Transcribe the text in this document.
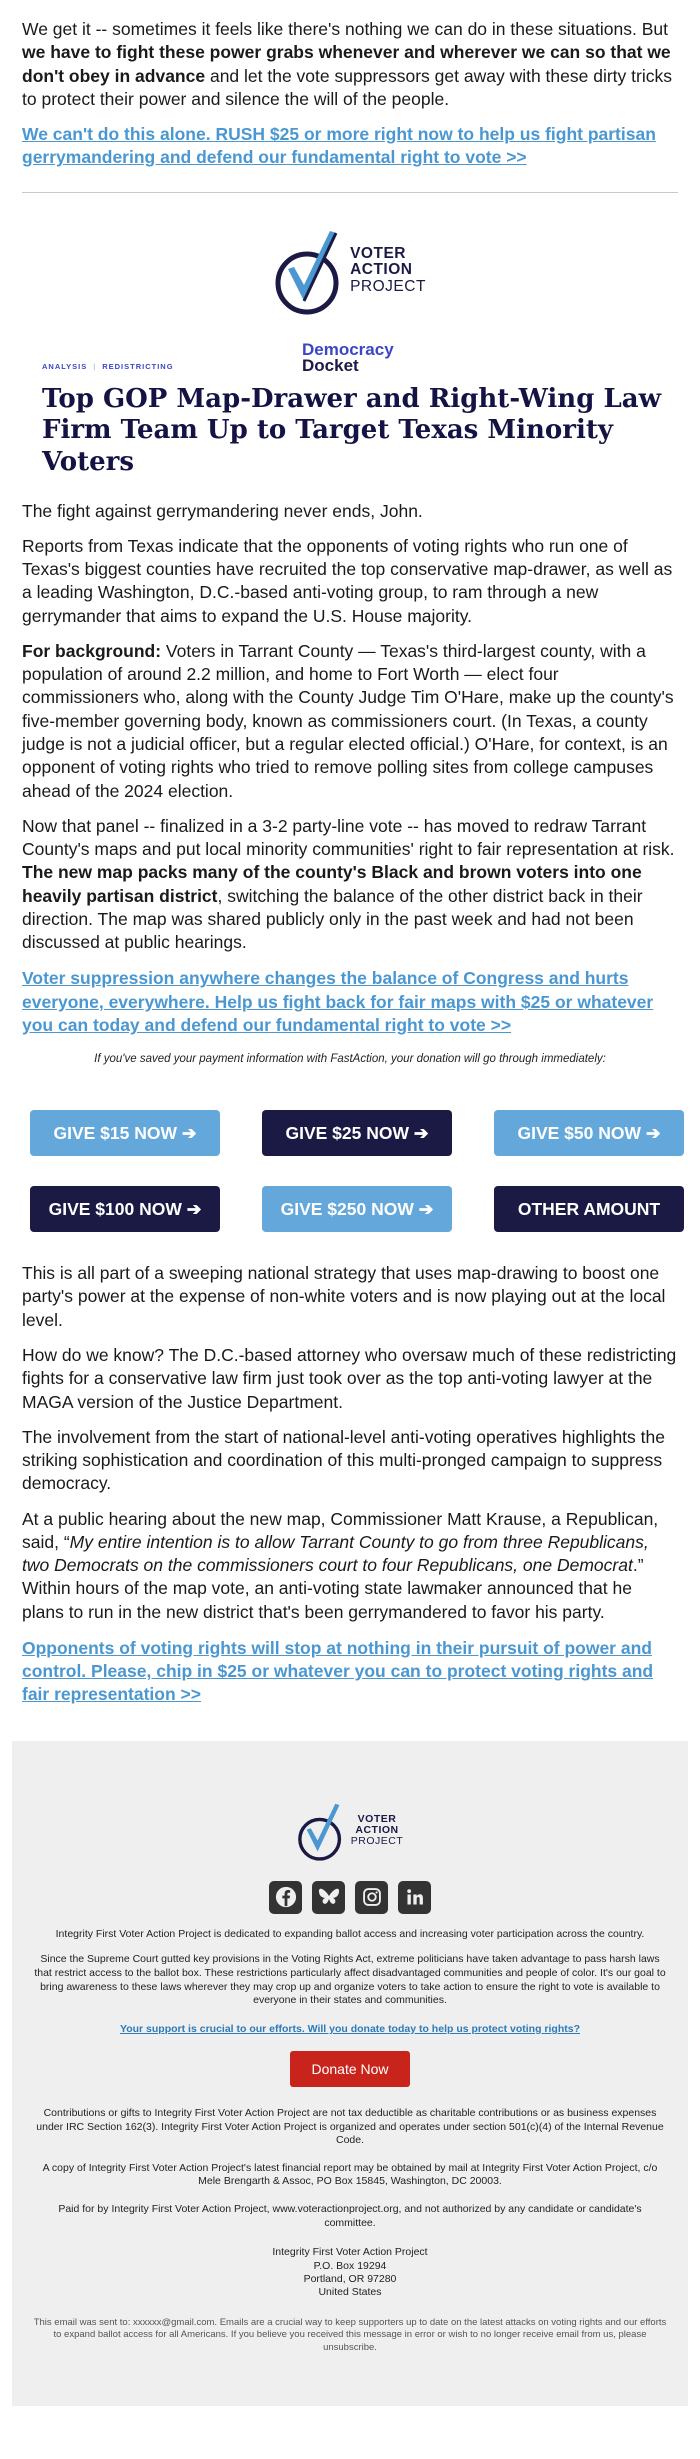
We get it -- sometimes it feels like there's nothing we can do in these situations. But we have to fight these power grabs whenever and wherever we can so that we don't obey in advance and let the vote suppressors get away with these dirty tricks to protect their power and silence the will of the people.

We can't do this alone. RUSH $25 or more right now to help us fight partisan gerrymandering and defend our fundamental right to vote >>
VOTER
ACTION
PROJECT
ANALYSIS | REDISTRICTING
Democracy
Docket
Top GOP Map-Drawer and Right-Wing Law Firm Team Up to Target Texas Minority Voters

The fight against gerrymandering never ends, John.

Reports from Texas indicate that the opponents of voting rights who run one of Texas's biggest counties have recruited the top conservative map-drawer, as well as a leading Washington, D.C.-based anti-voting group, to ram through a new gerrymander that aims to expand the U.S. House majority.

For background: Voters in Tarrant County — Texas's third-largest county, with a population of around 2.2 million, and home to Fort Worth — elect four commissioners who, along with the County Judge Tim O'Hare, make up the county's five-member governing body, known as commissioners court. (In Texas, a county judge is not a judicial officer, but a regular elected official.) O'Hare, for context, is an opponent of voting rights who tried to remove polling sites from college campuses ahead of the 2024 election.

Now that panel -- finalized in a 3-2 party-line vote -- has moved to redraw Tarrant County's maps and put local minority communities' right to fair representation at risk. The new map packs many of the county's Black and brown voters into one heavily partisan district, switching the balance of the other district back in their direction. The map was shared publicly only in the past week and had not been discussed at public hearings.

Voter suppression anywhere changes the balance of Congress and hurts everyone, everywhere. Help us fight back for fair maps with $25 or whatever you can today and defend our fundamental right to vote >>
If you've saved your payment information with FastAction, your donation will go through immediately:
GIVE $15 NOW ➔	GIVE $25 NOW ➔	GIVE $50 NOW ➔
GIVE $100 NOW ➔	GIVE $250 NOW ➔	OTHER AMOUNT

This is all part of a sweeping national strategy that uses map-drawing to boost one party's power at the expense of non-white voters and is now playing out at the local level.

How do we know? The D.C.-based attorney who oversaw much of these redistricting fights for a conservative law firm just took over as the top anti-voting lawyer at the MAGA version of the Justice Department.

The involvement from the start of national-level anti-voting operatives highlights the striking sophistication and coordination of this multi-pronged campaign to suppress democracy.

At a public hearing about the new map, Commissioner Matt Krause, a Republican, said, “My entire intention is to allow Tarrant County to go from three Republicans, two Democrats on the commissioners court to four Republicans, one Democrat.” Within hours of the map vote, an anti-voting state lawmaker announced that he plans to run in the new district that's been gerrymandered to favor his party.

Opponents of voting rights will stop at nothing in their pursuit of power and control. Please, chip in $25 or whatever you can to protect voting rights and fair representation >>
VOTER
ACTION
PROJECT
Integrity First Voter Action Project is dedicated to expanding ballot access and increasing voter participation across the country.
Since the Supreme Court gutted key provisions in the Voting Rights Act, extreme politicians have taken advantage to pass harsh laws that restrict access to the ballot box. These restrictions particularly affect disadvantaged communities and people of color. It's our goal to bring awareness to these laws wherever they may crop up and organize voters to take action to ensure the right to vote is available to everyone in their states and communities.
Your support is crucial to our efforts. Will you donate today to help us protect voting rights?
Donate Now
Contributions or gifts to Integrity First Voter Action Project are not tax deductible as charitable contributions or as business expenses under IRC Section 162(3). Integrity First Voter Action Project is organized and operates under section 501(c)(4) of the Internal Revenue Code.
A copy of Integrity First Voter Action Project's latest financial report may be obtained by mail at Integrity First Voter Action Project, c/o Mele Brengarth & Assoc, PO Box 15845, Washington, DC 20003.
Paid for by Integrity First Voter Action Project, www.voteractionproject.org, and not authorized by any candidate or candidate's committee.
Integrity First Voter Action Project
P.O. Box 19294
Portland, OR 97280
United States
This email was sent to: xxxxxx@gmail.com. Emails are a crucial way to keep supporters up to date on the latest attacks on voting rights and our efforts to expand ballot access for all Americans. If you believe you received this message in error or wish to no longer receive email from us, please unsubscribe.
